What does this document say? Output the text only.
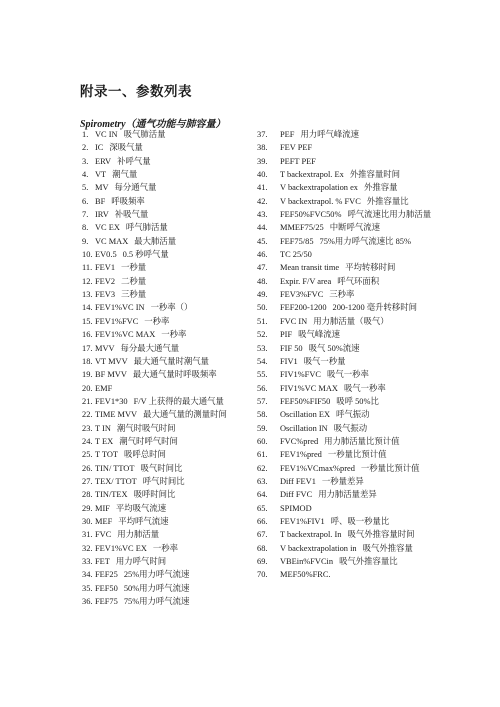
附录一、参数列表
Spirometry（通气功能与肺容量）
1. VC IN 吸气肺活量
2. IC 深吸气量
3. ERV 补呼气量
4. VT 潮气量
5. MV 每分通气量
6. BF 呼吸频率
7. IRV 补吸气量
8. VC EX 呼气肺活量
9. VC MAX 最大肺活量
10. EV0.5 0.5 秒呼气量
11. FEV1 一秒量
12. FEV2 二秒量
13. FEV3 三秒量
14. FEV1%VC IN 一秒率（）
15. FEV1%FVC 一秒率
16. FEV1%VC MAX 一秒率
17. MVV 每分最大通气量
18. VT MVV 最大通气量时潮气量
19. BF MVV 最大通气量时呼吸频率
20. EMF
21. FEV1*30 F/V 上获得的最大通气量
22. TIME MVV 最大通气量的测量时间
23. T IN 潮气时吸气时间
24. T EX 潮气时呼气时间
25. T TOT 吸呼总时间
26. TIN/ TTOT 吸气时间比
27. TEX/ TTOT 呼气时间比
28. TIN/TEX 吸呼时间比
29. MIF 平均吸气流速
30. MEF 平均呼气流速
31. FVC 用力肺活量
32. FEV1%VC EX 一秒率
33. FET 用力呼气时间
34. FEF25 25%用力呼气流速
35. FEF50 50%用力呼气流速
36. FEF75 75%用力呼气流速
37.	PEF 用力呼气峰流速
38.	FEV PEF
39.	PEFT PEF
40.	T backextrapol. Ex 外推容量时间
41.	V backextrapolation ex 外推容量
42.	V backextrapol. % FVC 外推容量比
43.	FEF50%FVC50% 呼气流速比用力肺活量
44.	MMEF75/25 中断呼气流速
45.	FEF75/85 75%用力呼气流速比 85%
46.	TC 25/50
47.	Mean transit time 平均转移时间
48.	Expir. F/V area 呼气环面积
49.	FEV3%FVC 三秒率
50.	FEF200-1200 200-1200 毫升转移时间
51.	FVC IN 用力肺活量（吸气）
52.	PIF 吸气峰流速
53.	FIF 50 吸气 50%流速
54.	FIV1 吸气一秒量
55.	FIV1%FVC 吸气一秒率
56.	FIV1%VC MAX 吸气一秒率
57.	FEF50%FIF50 吸呼 50%比
58.	Oscillation EX 呼气振动
59.	Oscillation IN 吸气振动
60.	FVC%pred 用力肺活量比预计值
61.	FEV1%pred 一秒量比预计值
62.	FEV1%VCmax%pred 一秒量比预计值
63.	Diff FEV1 一秒量差异
64.	Diff FVC 用力肺活量差异
65.	SPIMOD
66.	FEV1%FIV1 呼、吸一秒量比
67.	T backextrapol. In 吸气外推容量时间
68.	V backextrapolation in 吸气外推容量
69.	VBEin%FVCin 吸气外推容量比
70.	MEF50%FRC.
